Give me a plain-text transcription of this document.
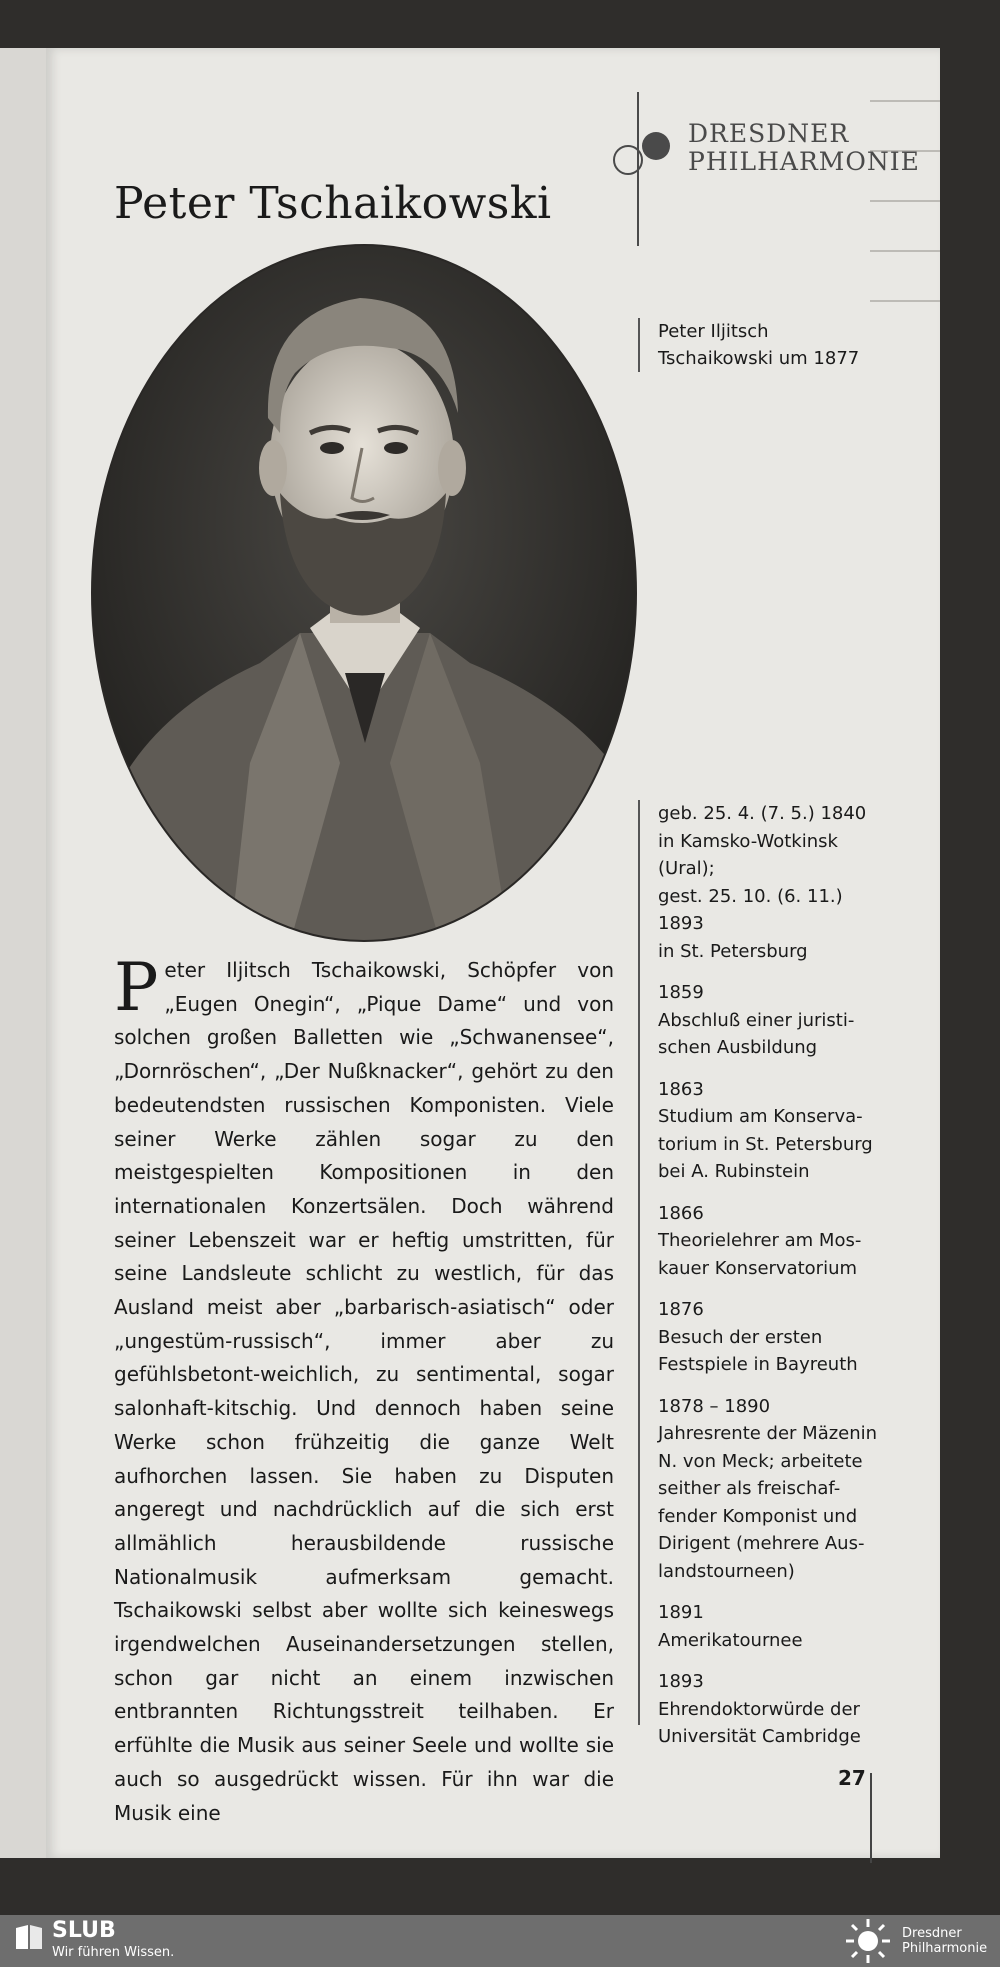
DRESDNER
PHILHARMONIE
Peter Tschaikowski
Peter Iljitsch
Tschaikowski um 1877
Peter Iljitsch Tschaikowski, Schöpfer von „Eugen Onegin“, „Pique Dame“ und von solchen großen Balletten wie „Schwanensee“, „Dornröschen“, „Der Nußknacker“, gehört zu den bedeutendsten russischen Komponisten. Viele seiner Werke zählen sogar zu den meistgespielten Kompositionen in den internationalen Konzertsälen. Doch während seiner Lebenszeit war er heftig umstritten, für seine Landsleute schlicht zu westlich, für das Ausland meist aber „barbarisch-asiatisch“ oder „ungestüm-russisch“, immer aber zu gefühlsbetont-weichlich, zu sentimental, sogar salonhaft-kitschig. Und dennoch haben seine Werke schon frühzeitig die ganze Welt aufhorchen lassen. Sie haben zu Disputen angeregt und nachdrücklich auf die sich erst allmählich herausbildende russische Nationalmusik aufmerksam gemacht. Tschaikowski selbst aber wollte sich keineswegs irgendwelchen Auseinandersetzungen stellen, schon gar nicht an einem inzwischen entbrannten Richtungsstreit teilhaben. Er erfühlte die Musik aus seiner Seele und wollte sie auch so ausgedrückt wissen. Für ihn war die Musik eine

geb. 25. 4. (7. 5.) 1840

in Kamsko-Wotkinsk
(Ural);
gest. 25. 10. (6. 11.) 1893
in St. Petersburg

1859

Abschluß einer juristi-
schen Ausbildung

1863

Studium am Konserva-
torium in St. Petersburg
bei A. Rubinstein

1866

Theorielehrer am Mos-
kauer Konservatorium

1876

Besuch der ersten
Festspiele in Bayreuth

1878 – 1890

Jahresrente der Mäzenin
N. von Meck; arbeitete
seither als freischaf-
fender Komponist und
Dirigent (mehrere Aus-
landstourneen)

1891

Amerikatournee

1893

Ehrendoktorwürde der
Universität Cambridge

27
SLUB
Wir führen Wissen.
Dresdner
Philharmonie
